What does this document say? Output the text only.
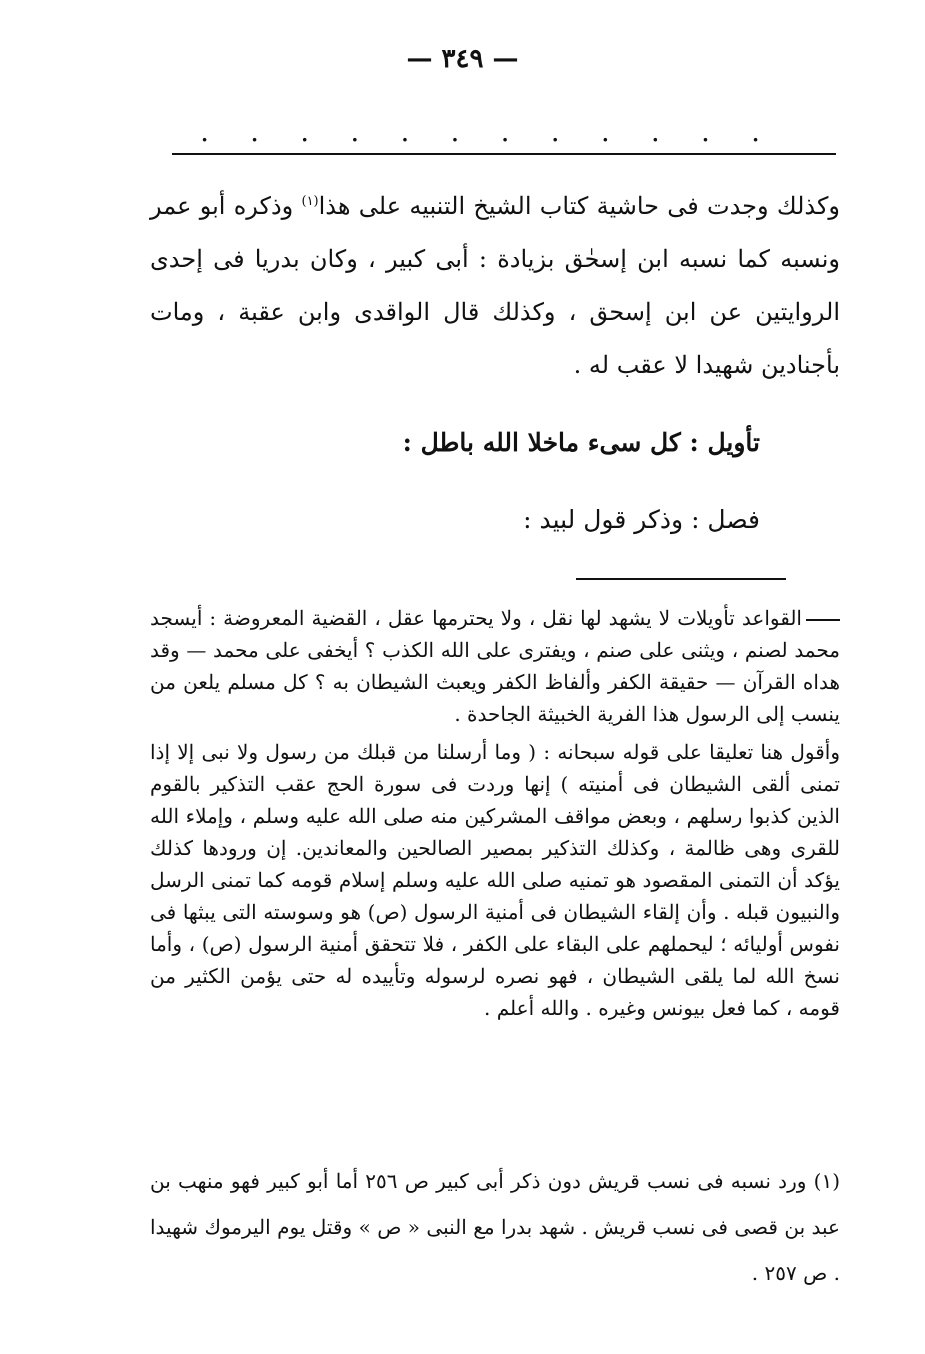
— ٣٤٩ —
.
.
.
.
.
.
.
.
.
.
.
.

وكذلك وجدت فى حاشية كتاب الشيخ التنبيه على هذا$^{(١)}$ وذكره أبو عمر ونسبه كما نسبه ابن إسحٰق بزيادة : أبى كبير ، وكان بدريا فى إحدى الروايتين عن ابن إسحق ، وكذلك قال الواقدى وابن عقبة ، ومات بأجنادين شهيدا لا عقب له .

تأويل : كل سىء ماخلا الله باطل :
فصل : وذكر قول لبيد :

القواعد تأويلات لا يشهد لها نقل ، ولا يحترمها عقل ، القضية المعروضة : أيسجد محمد لصنم ، ويثنى على صنم ، ويفترى على الله الكذب ؟ أيخفى على محمد — وقد هداه القرآن — حقيقة الكفر وألفاظ الكفر ويعبث الشيطان به ؟ كل مسلم يلعن من ينسب إلى الرسول هذا الفرية الخبيثة الجاحدة .

وأقول هنا تعليقا على قوله سبحانه : ( وما أرسلنا من قبلك من رسول ولا نبى إلا إذا تمنى ألقى الشيطان فى أمنيته ) إنها وردت فى سورة الحج عقب التذكير بالقوم الذين كذبوا رسلهم ، وبعض مواقف المشركين منه صلى الله عليه وسلم ، وإملاء الله للقرى وهى ظالمة ، وكذلك التذكير بمصير الصالحين والمعاندين. إن ورودها كذلك يؤكد أن التمنى المقصود هو تمنيه صلى الله عليه وسلم إسلام قومه كما تمنى الرسل والنبيون قبله . وأن إلقاء الشيطان فى أمنية الرسول (ص) هو وسوسته التى يبثها فى نفوس أوليائه ؛ ليحملهم على البقاء على الكفر ، فلا تتحقق أمنية الرسول (ص) ، وأما نسخ الله لما يلقى الشيطان ، فهو نصره لرسوله وتأييده له حتى يؤمن الكثير من قومه ، كما فعل بيونس وغيره . والله أعلم .

(١) ورد نسبه فى نسب قريش دون ذكر أبى كبير ص ٢٥٦ أما أبو كبير فهو منهب بن عبد بن قصى فى نسب قريش . شهد بدرا مع النبى « ص » وقتل يوم اليرموك شهيدا . ص ٢٥٧ .
